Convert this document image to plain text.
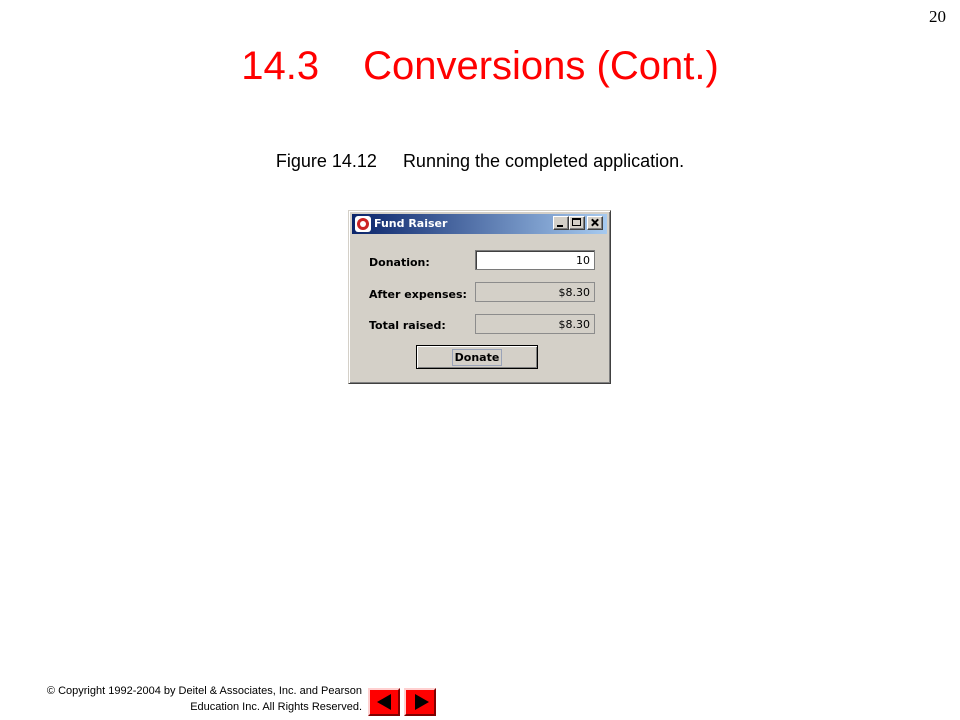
20
14.3 Conversions (Cont.)
Figure 14.12 Running the completed application.
Fund Raiser
Donation:	10
After expenses:	$8.30
Total raised:	$8.30
Donate
© Copyright 1992-2004 by Deitel & Associates, Inc. and Pearson
Education Inc. All Rights Reserved.
